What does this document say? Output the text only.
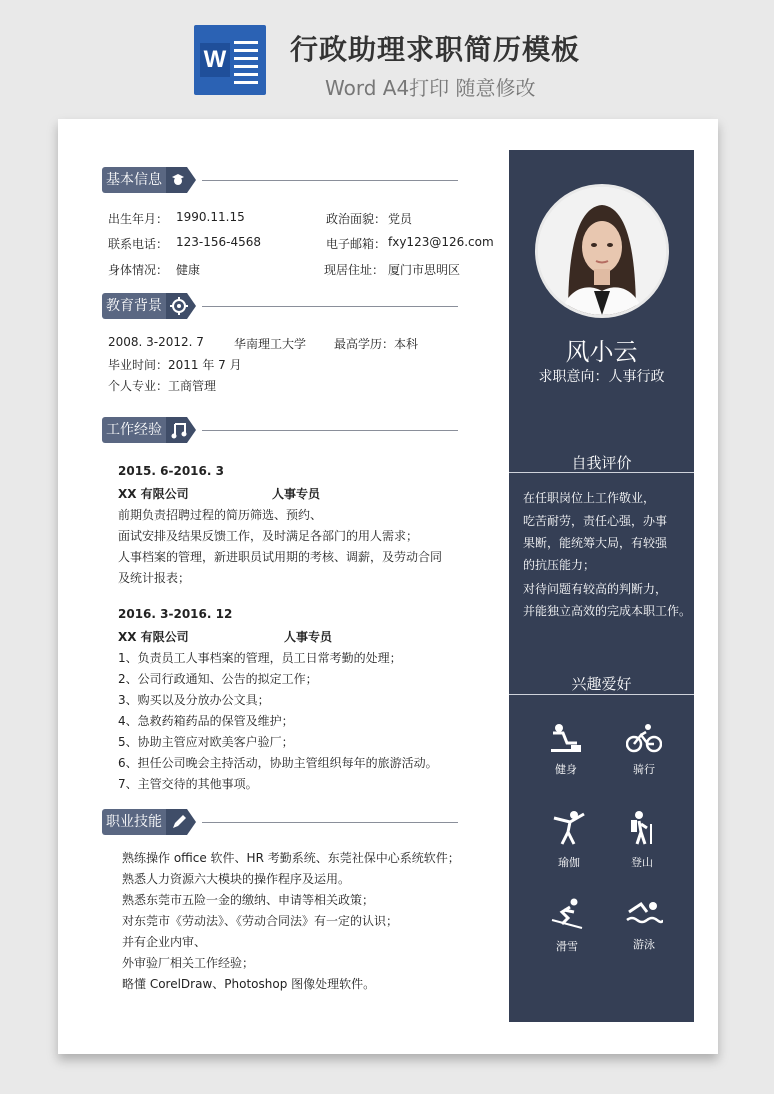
W 行政助理求职简历模板
Word A4打印 随意修改
基本信息
出生年月： 1990.11.15	政治面貌： 党员
联系电话： 123-156-4568	电子邮箱： fxy123@126.com
身体情况： 健康	现居住址： 厦门市思明区
教育背景
2008. 3-2012. 7	华南理工大学 最高学历：本科
毕业时间：2011 年 7 月
个人专业：工商管理
工作经验
2015. 6-2016. 3
XX 有限公司	人事专员
前期负责招聘过程的简历筛选、预约、
面试安排及结果反馈工作，及时满足各部门的用人需求；
人事档案的管理，新进职员试用期的考核、调薪，及劳动合同
及统计报表；
2016. 3-2016. 12
XX 有限公司	人事专员
1、负责员工人事档案的管理，员工日常考勤的处理；
2、公司行政通知、公告的拟定工作；
3、购买以及分放办公文具；
4、急救药箱药品的保管及维护；
5、协助主管应对欧美客户验厂；
6、担任公司晚会主持活动，协助主管组织每年的旅游活动。
7、主管交待的其他事项。
职业技能
熟练操作 office 软件、HR 考勤系统、东莞社保中心系统软件；
熟悉人力资源六大模块的操作程序及运用。
熟悉东莞市五险一金的缴纳、申请等相关政策；
对东莞市《劳动法》、《劳动合同法》有一定的认识；
并有企业内审、
外审验厂相关工作经验；
略懂 CorelDraw、Photoshop 图像处理软件。
风小云
求职意向：人事行政
自我评价
在任职岗位上工作敬业，
吃苦耐劳，责任心强，办事
果断，能统筹大局，有较强
的抗压能力；
对待问题有较高的判断力，
并能独立高效的完成本职工作。
兴趣爱好
健身	骑行
瑜伽	登山
滑雪	游泳
